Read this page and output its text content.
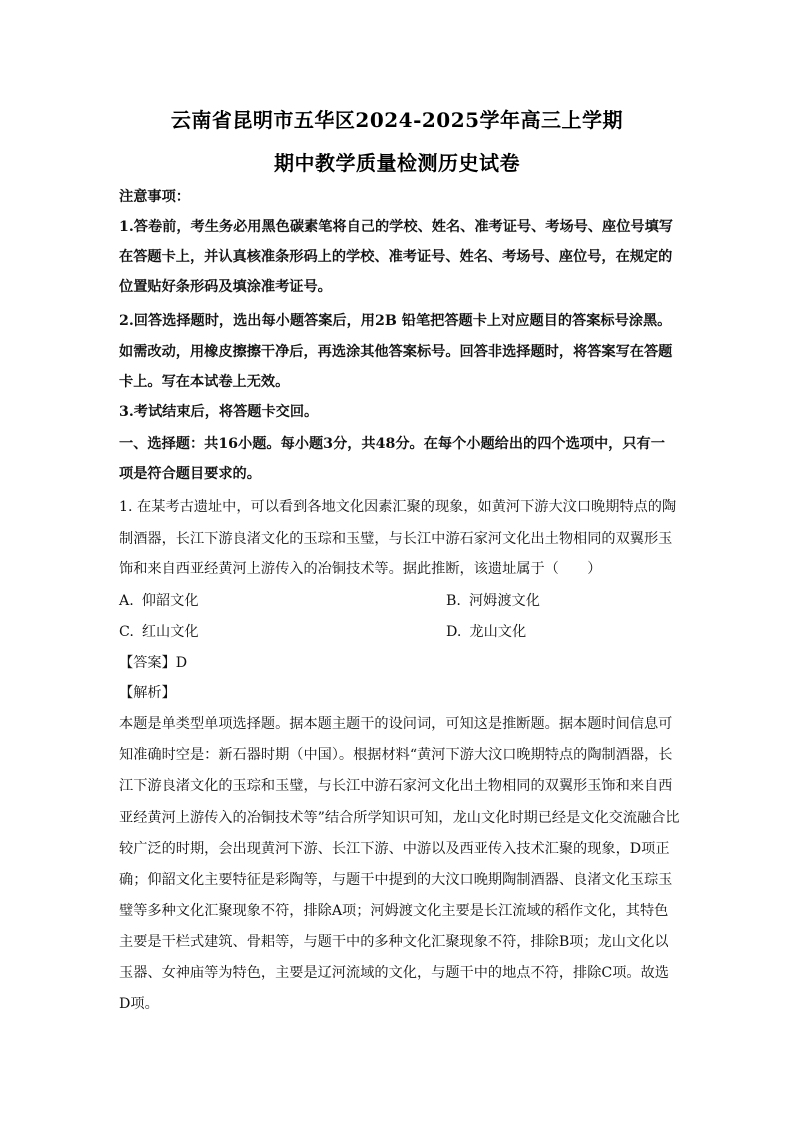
云南省昆明市五华区2024-2025学年高三上学期
期中教学质量检测历史试卷
注意事项：
1.答卷前，考生务必用黑色碳素笔将自己的学校、姓名、准考证号、考场号、座位号填写
在答题卡上，并认真核准条形码上的学校、准考证号、姓名、考场号、座位号，在规定的
位置贴好条形码及填涂准考证号。
2.回答选择题时，选出每小题答案后，用2B 铅笔把答题卡上对应题目的答案标号涂黑。
如需改动，用橡皮擦擦干净后，再选涂其他答案标号。回答非选择题时，将答案写在答题
卡上。写在本试卷上无效。
3.考试结束后，将答题卡交回。
一、选择题：共16小题。每小题3分，共48分。在每个小题给出的四个选项中，只有一
项是符合题目要求的。
1. 在某考古遗址中，可以看到各地文化因素汇聚的现象，如黄河下游大汶口晚期特点的陶
制酒器，长江下游良渚文化的玉琮和玉璧，与长江中游石家河文化出土物相同的双翼形玉
饰和来自西亚经黄河上游传入的冶铜技术等。据此推断，该遗址属于（　　）
A. 仰韶文化	B. 河姆渡文化
C. 红山文化	D. 龙山文化
【答案】D
【解析】
本题是单类型单项选择题。据本题主题干的设问词，可知这是推断题。据本题时间信息可
知准确时空是：新石器时期（中国）。根据材料“黄河下游大汶口晚期特点的陶制酒器，长
江下游良渚文化的玉琮和玉璧，与长江中游石家河文化出土物相同的双翼形玉饰和来自西
亚经黄河上游传入的冶铜技术等”结合所学知识可知，龙山文化时期已经是文化交流融合比
较广泛的时期，会出现黄河下游、长江下游、中游以及西亚传入技术汇聚的现象，D项正
确；仰韶文化主要特征是彩陶等，与题干中提到的大汶口晚期陶制酒器、良渚文化玉琮玉
璧等多种文化汇聚现象不符，排除A项；河姆渡文化主要是长江流域的稻作文化，其特色
主要是干栏式建筑、骨耜等，与题干中的多种文化汇聚现象不符，排除B项；龙山文化以
玉器、女神庙等为特色，主要是辽河流域的文化，与题干中的地点不符，排除C项。故选
D项。
